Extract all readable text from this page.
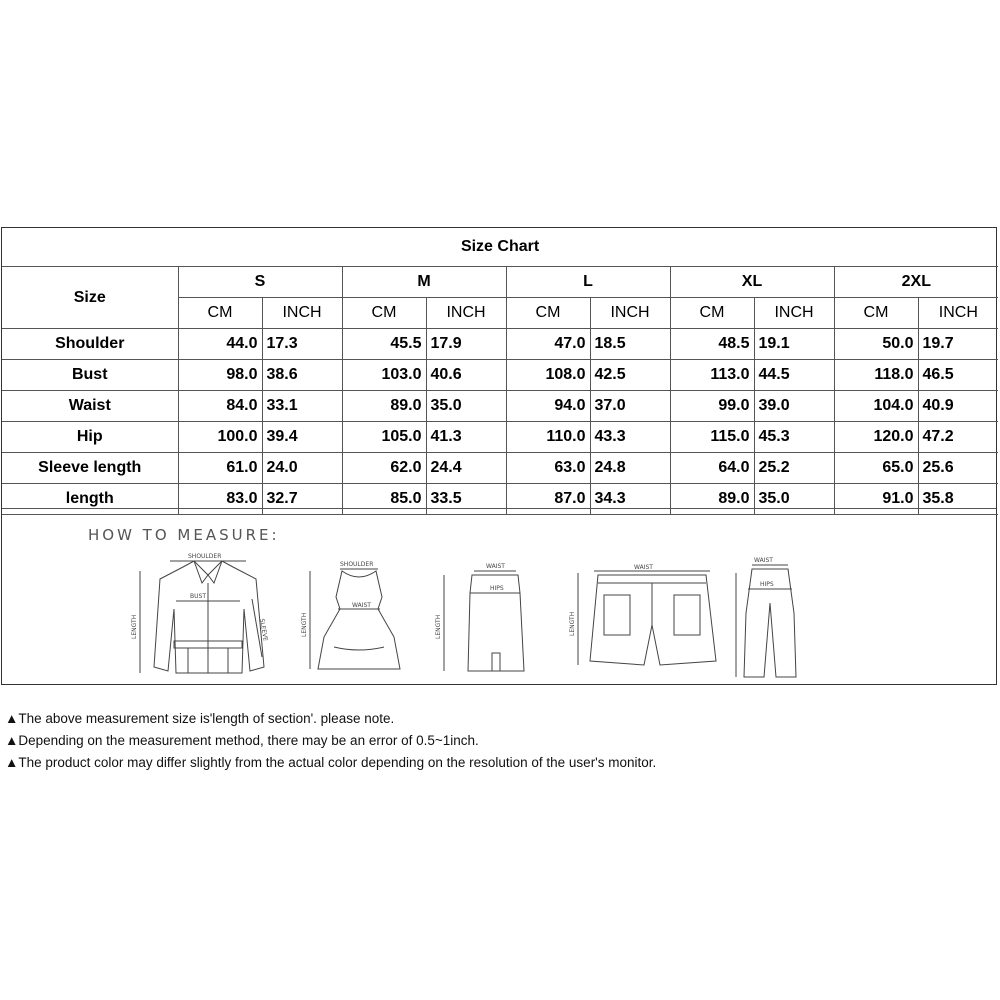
Size Chart										
Size	S		M		L		XL		2XL	
	CM	INCH	CM	INCH	CM	INCH	CM	INCH	CM	INCH
Shoulder	44.0	17.3	45.5	17.9	47.0	18.5	48.5	19.1	50.0	19.7
Bust	98.0	38.6	103.0	40.6	108.0	42.5	113.0	44.5	118.0	46.5
Waist	84.0	33.1	89.0	35.0	94.0	37.0	99.0	39.0	104.0	40.9
Hip	100.0	39.4	105.0	41.3	110.0	43.3	115.0	45.3	120.0	47.2
Sleeve length	61.0	24.0	62.0	24.4	63.0	24.8	64.0	25.2	65.0	25.6
length	83.0	32.7	85.0	33.5	87.0	34.3	89.0	35.0	91.0	35.8
HOW TO MEASURE:
SHOULDER
BUST
LENGTH	SLEEVE
SHOULDER
WAIST
LENGTH
WAIST
HIPS
LENGTH
WAIST
LENGTH
WAIST
HIPS
▲The above measurement size is'length of section'. please note.
▲Depending on the measurement method, there may be an error of 0.5~1inch.
▲The product color may differ slightly from the actual color depending on the resolution of the user's monitor.
